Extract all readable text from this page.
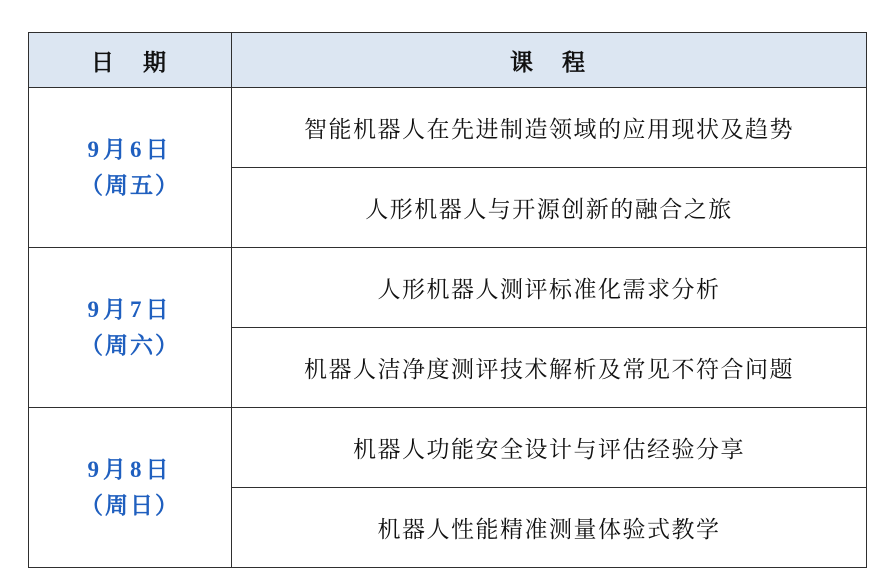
日　期	课　程

9月6日
（周五）	智能机器人在先进制造领域的应用现状及趋势
	人形机器人与开源创新的融合之旅

9月7日
（周六）	人形机器人测评标准化需求分析
	机器人洁净度测评技术解析及常见不符合问题

9月8日
（周日）	机器人功能安全设计与评估经验分享
	机器人性能精准测量体验式教学
